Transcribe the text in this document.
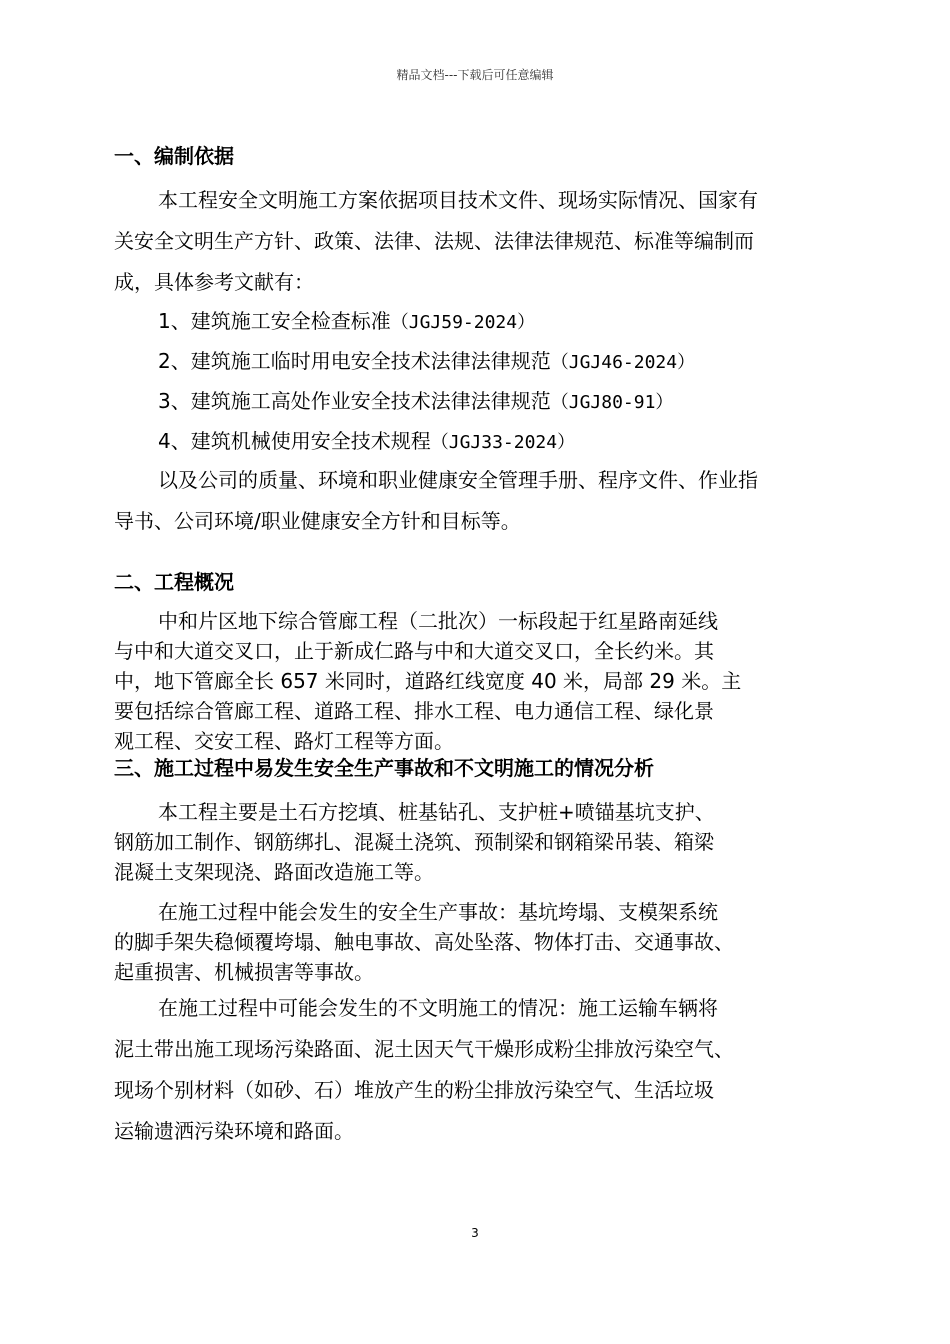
精品文档---下载后可任意编辑
一、编制依据
本工程安全文明施工方案依据项目技术文件、现场实际情况、国家有
关安全文明生产方针、政策、法律、法规、法律法律规范、标准等编制而
成，具体参考文献有：
1、建筑施工安全检查标准（JGJ59-2024）
2、建筑施工临时用电安全技术法律法律规范（JGJ46-2024）
3、建筑施工高处作业安全技术法律法律规范（JGJ80-91）
4、建筑机械使用安全技术规程（JGJ33-2024）
以及公司的质量、环境和职业健康安全管理手册、程序文件、作业指
导书、公司环境/职业健康安全方针和目标等。
二、工程概况
中和片区地下综合管廊工程（二批次）一标段起于红星路南延线
与中和大道交叉口，止于新成仁路与中和大道交叉口，全长约米。其
中，地下管廊全长 657 米同时，道路红线宽度 40 米，局部 29 米。主
要包括综合管廊工程、道路工程、排水工程、电力通信工程、绿化景
观工程、交安工程、路灯工程等方面。
三、施工过程中易发生安全生产事故和不文明施工的情况分析
本工程主要是土石方挖填、桩基钻孔、支护桩+喷锚基坑支护、
钢筋加工制作、钢筋绑扎、混凝土浇筑、预制梁和钢箱梁吊装、箱梁
混凝土支架现浇、路面改造施工等。
在施工过程中能会发生的安全生产事故：基坑垮塌、支模架系统
的脚手架失稳倾覆垮塌、触电事故、高处坠落、物体打击、交通事故、
起重损害、机械损害等事故。
在施工过程中可能会发生的不文明施工的情况：施工运输车辆将
泥土带出施工现场污染路面、泥土因天气干燥形成粉尘排放污染空气、
现场个别材料（如砂、石）堆放产生的粉尘排放污染空气、生活垃圾
运输遗洒污染环境和路面。
3
